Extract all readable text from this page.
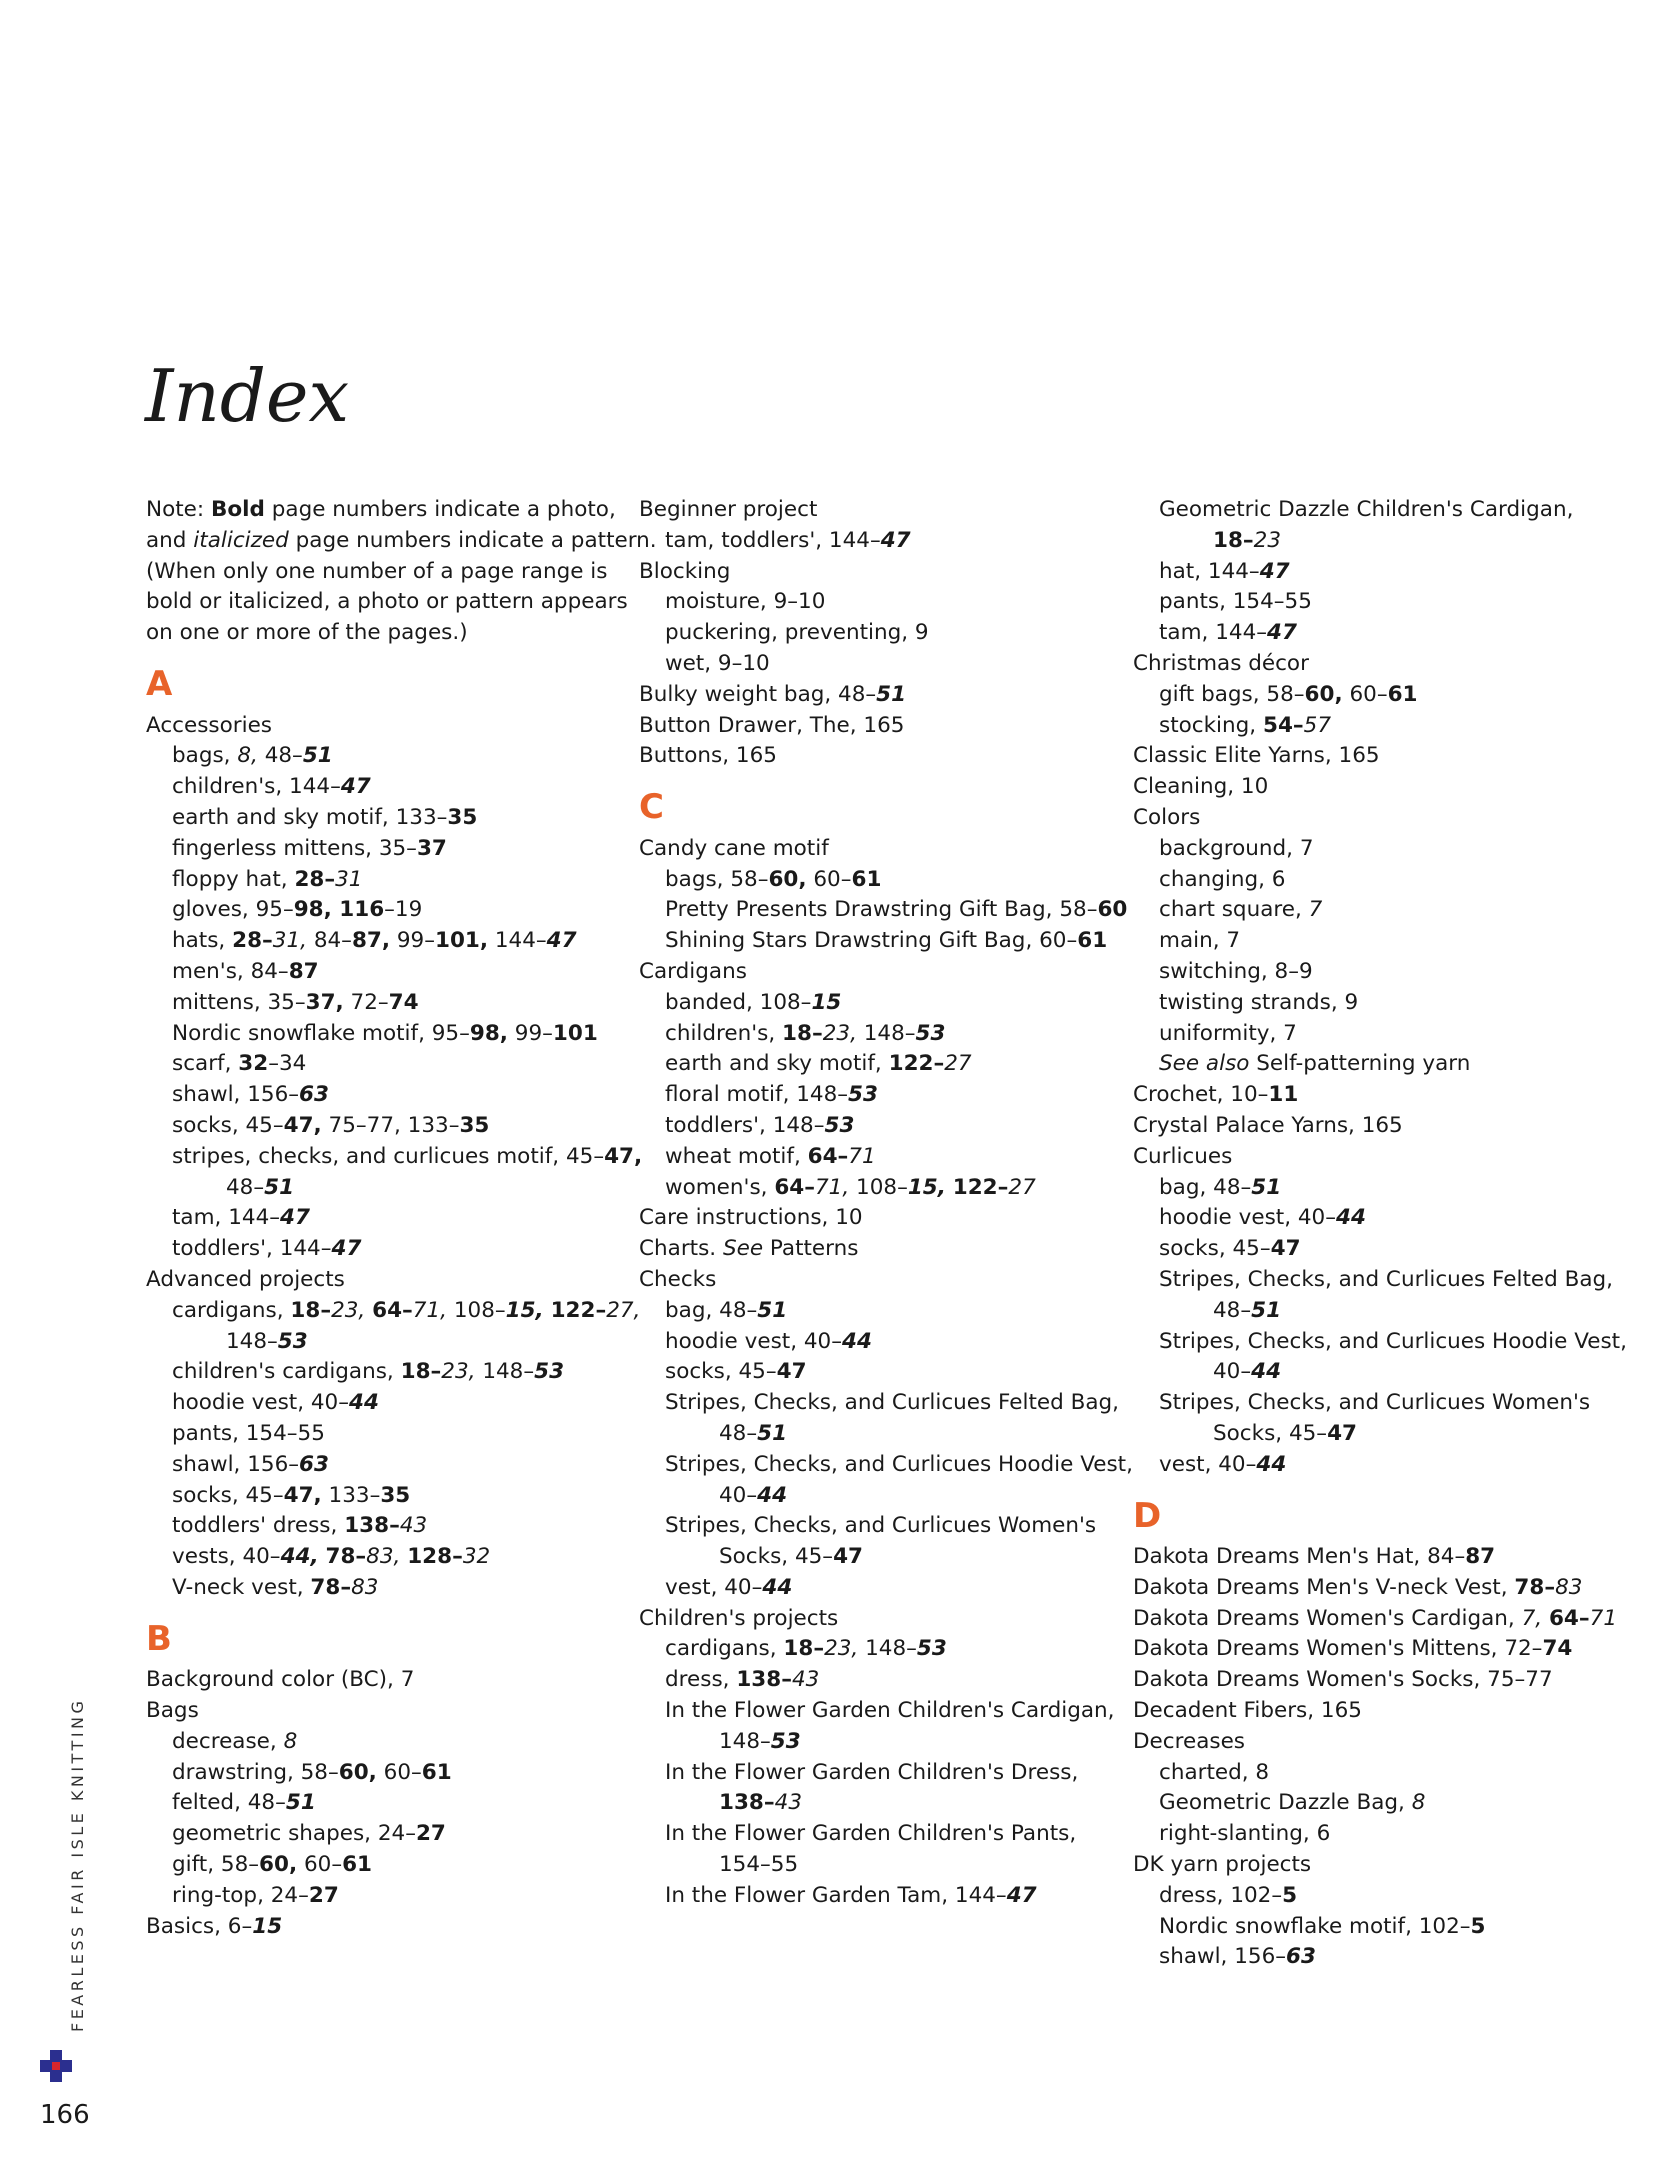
Index
Note: Bold page numbers indicate a photo,
and italicized page numbers indicate a pattern.
(When only one number of a page range is
bold or italicized, a photo or pattern appears
on one or more of the pages.)
A
Accessories
bags, 8, 48–51
children's, 144–47
earth and sky motif, 133–35
fingerless mittens, 35–37
floppy hat, 28–31
gloves, 95–98, 116–19
hats, 28–31, 84–87, 99–101, 144–47
men's, 84–87
mittens, 35–37, 72–74
Nordic snowflake motif, 95–98, 99–101
scarf, 32–34
shawl, 156–63
socks, 45–47, 75–77, 133–35
stripes, checks, and curlicues motif, 45–47,
48–51
tam, 144–47
toddlers', 144–47
Advanced projects
cardigans, 18–23, 64–71, 108–15, 122–27,
148–53
children's cardigans, 18–23, 148–53
hoodie vest, 40–44
pants, 154–55
shawl, 156–63
socks, 45–47, 133–35
toddlers' dress, 138–43
vests, 40–44, 78–83, 128–32
V-neck vest, 78–83
B
Background color (BC), 7
Bags
decrease, 8
drawstring, 58–60, 60–61
felted, 48–51
geometric shapes, 24–27
gift, 58–60, 60–61
ring-top, 24–27
Basics, 6–15
Beginner project
tam, toddlers', 144–47
Blocking
moisture, 9–10
puckering, preventing, 9
wet, 9–10
Bulky weight bag, 48–51
Button Drawer, The, 165
Buttons, 165
C
Candy cane motif
bags, 58–60, 60–61
Pretty Presents Drawstring Gift Bag, 58–60
Shining Stars Drawstring Gift Bag, 60–61
Cardigans
banded, 108–15
children's, 18–23, 148–53
earth and sky motif, 122–27
floral motif, 148–53
toddlers', 148–53
wheat motif, 64–71
women's, 64–71, 108–15, 122–27
Care instructions, 10
Charts. See Patterns
Checks
bag, 48–51
hoodie vest, 40–44
socks, 45–47
Stripes, Checks, and Curlicues Felted Bag,
48–51
Stripes, Checks, and Curlicues Hoodie Vest,
40–44
Stripes, Checks, and Curlicues Women's
Socks, 45–47
vest, 40–44
Children's projects
cardigans, 18–23, 148–53
dress, 138–43
In the Flower Garden Children's Cardigan,
148–53
In the Flower Garden Children's Dress,
138–43
In the Flower Garden Children's Pants,
154–55
In the Flower Garden Tam, 144–47
Geometric Dazzle Children's Cardigan,
18–23
hat, 144–47
pants, 154–55
tam, 144–47
Christmas décor
gift bags, 58–60, 60–61
stocking, 54–57
Classic Elite Yarns, 165
Cleaning, 10
Colors
background, 7
changing, 6
chart square, 7
main, 7
switching, 8–9
twisting strands, 9
uniformity, 7
See also Self-patterning yarn
Crochet, 10–11
Crystal Palace Yarns, 165
Curlicues
bag, 48–51
hoodie vest, 40–44
socks, 45–47
Stripes, Checks, and Curlicues Felted Bag,
48–51
Stripes, Checks, and Curlicues Hoodie Vest,
40–44
Stripes, Checks, and Curlicues Women's
Socks, 45–47
vest, 40–44
D
Dakota Dreams Men's Hat, 84–87
Dakota Dreams Men's V-neck Vest, 78–83
Dakota Dreams Women's Cardigan, 7, 64–71
Dakota Dreams Women's Mittens, 72–74
Dakota Dreams Women's Socks, 75–77
Decadent Fibers, 165
Decreases
charted, 8
Geometric Dazzle Bag, 8
right-slanting, 6
DK yarn projects
dress, 102–5
Nordic snowflake motif, 102–5
shawl, 156–63
FEARLESS FAIR ISLE KNITTING
166
